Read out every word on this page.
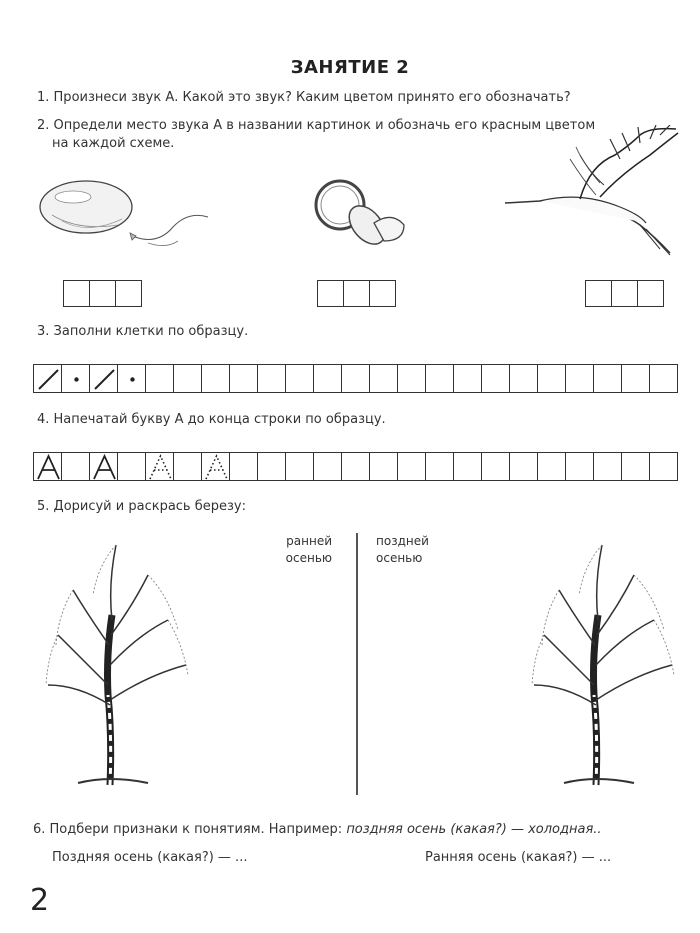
ЗАНЯТИЕ 2
1. Произнеси звук А. Какой это звук? Каким цветом принято его обозначать?
2. Определи место звука А в названии картинок и обозначь его красным цветом
на каждой схеме.
3. Заполни клетки по образцу.
4. Напечатай букву А до конца строки по образцу.
5. Дорисуй и раскрась березу:
ранней
осенью
поздней
осенью
6. Подбери признаки к понятиям. Например: поздняя осень (какая?) — холодная..
Поздняя осень (какая?) — ...	Ранняя осень (какая?) — ...
2
